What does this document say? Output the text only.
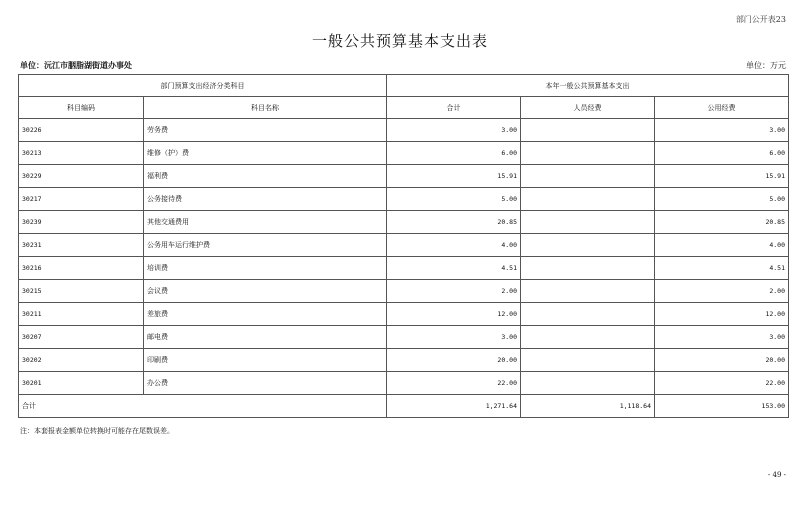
部门公开表23
一般公共预算基本支出表
单位：沅江市胭脂湖街道办事处	单位：万元
部门预算支出经济分类科目		本年一般公共预算基本支出		
科目编码	科目名称	合计	人员经费	公用经费
30226	劳务费	3.00		3.00
30213	维修（护）费	6.00		6.00
30229	福利费	15.91		15.91
30217	公务接待费	5.00		5.00
30239	其他交通费用	20.85		20.85
30231	公务用车运行维护费	4.00		4.00
30216	培训费	4.51		4.51
30215	会议费	2.00		2.00
30211	差旅费	12.00		12.00
30207	邮电费	3.00		3.00
30202	印刷费	20.00		20.00
30201	办公费	22.00		22.00
合计		1,271.64	1,118.64	153.00
注：本套报表金额单位转换时可能存在尾数误差。
- 49 -
